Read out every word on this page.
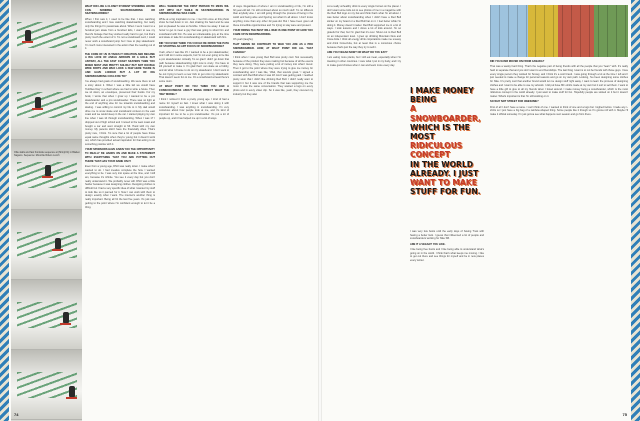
Ollie stalls and fast frontside sequence at (Shinji Kit) in Bladen Nagano. Sequence: Moonlite Riders Lunch

WHAT DID LIKE A CLOSET STUDENT STEMMING HOUSE CON. SOMMING SKATEBOARDING OR SKATEBOARDING?

When I first saw it, I used to be like that. I love watching snowboarding and I love watching skateboarding, but really only the things I'm passionate about. When I went I went to a hundred jam skate from a hundred kids, I want to see my friend's footage that they worked really hard to get, but that's pretty much the extent of it. I'm not a snowboard nerd, I could never work a snowboard jump but I love to play skateboard. I'm much more interested in the action than the reading out of it.

THE CORE OF US IS TAKES IT CREATION AND BECAME A BIG LOVE OF ANKLE ARROWS OF A HOLE. BUT ANYWAY, ALL THE FAST COAST SKATERS THEN YOU MIXED MOST AND PRETTY SOLIDLY BUT NOT DOUBLE WIDE PARTS AND WHO LOOK A FEW HERE THERE IS AND HAVE LOOKED BUT A LOT OF DIG SNOWBOARDING COULD BE TO?

I've always had goals of snowboarding. We were there to tell a story about it. When I was a little kid we would have 'Kubbles Day' in school where we had to write a future. Then we sit down, an envelopes, preserved their books. For my book, I wrote that when I grow up I wanted to be a pro skateboarder and a pro snowboarder. There was no light at the end of anything else for me towards snowboarding and skating. I was willing to commit my life to it. My dad would drive me to snow skate and snowboard contest on the east coast and we would sleep in the car. I started playing my own line when I was 14 through snowboarding. When I was 17 I dropped out of high school and I moved to the west coast and bought a car and went straight to Mt. Hood with my own money. My parents didn't have the financially vibes. That's pretty rare, I think. I'm sure that a lot of people have those equal same thoughts when they're young but it doesn't work out, which has provided actual inspiration for that acting to do something positive with it.

YOUR SPONSORS HAVE GIVEN YOU THE OPPORTUNITY TO REALLY BE HANDS ON AND MAKE A STATEMENT WITH EVERYTHING THAT YOU ARE PUTTING OUT THERE THAT HAS YOUR NAME ON IT.

Even from a young age, DNU was really down. I make what I wanted to do. I had creative complete the how. I wanted everything to be. I was very into space at the time, and I still am, because it's infinite. You see it every day but you don't really understand it. We probably never will. DNU was a little harder because it was designing clothes. Designing clothes is difficult but I had a very specific idea of what I wanted my stuff to look like so it panned for it. Now I can work with them to design exactly what I want. The internet's another thing is really important. Being all hit the last five years. It's just new getting to the point where I'm confident enough to let it be a thing.

WELL WHENEVER THE FIRST PERSON TO MESS WIL AST WITH OLY WHILE IN SKATEBOARDING IN SNOWBOARDING WAS CAME.

While at a big inspiration to me. I met him once at this photo show he had down in LA. Just shaking his hand and he was just so pleased he was so humble. It blew me away. It was an honor to get to meet a guy that was going to shoot him and snowboard with him. He was an unbelievable guy at the time and skate or take him snowboarding or skateboard with him.

DID YOU EVER THINK YOU COULD BE DOWN THE PATH OF STARTING AN ART FOCUS OF SNOWBOARDING?

Yeah, when I was like 15. I wanted to be a pro skateboarder, and I still do in some aspects, but I'm not ever going to be like a pro skateboarder. Actually I'm so glad I didn't go down that path because skateboarding right now is crazy. You have to kill yourself to make it. I'm glad that I can skate as a hobby, and do what I choose to do on my skateboard. I don't want to be out trying to learn a new trick to get onto my skateboard. That doesn't seem fun to me. On a snowboard at least there's some room.

AT WHAT POINT DO YOU THINK YOU HAD A CONSCIOUSNESS ABOUT BEING DIRECT WHAT THE 'DEZ' MODEL?

I think I noticed it from a pretty young age. I kind of had a name for myself so fast. I knew what I was doing it with snowboarding. I was anything in snowboarding. I'm very conscious about how people look at me, and it's kind of important for me to be a pro snowboarder. It's put a lot of people up, and it has helped me up in a lot of ways.

of ways. Regardless of where I am in snowboarding or life, I'm still a 32-year-old kid. I'm still confused about so much stuff. I'm no different than anybody else. I am still going through the process of being in the world and being alive and figuring out what it's all about. I don't know anything more than any other 22-year-old. But I have been given all these incredible opportunities and I'm trying to stay sane and present.

YOUR RIDING THE BEST WILL WHO IS ONE POINT OF HOW YOU CAME UP IN SNOWBOARDING.

Oh yeah (laughs).

THAT SEEMS SO CONTRARY TO WHO YOU ARE AS A PRO SNOWBOARDER. HOW, AT WHAT POINT DID ALL THAT CHANGE?

I think when I was young Red Bull was pretty cool. Not necessarily because of the product they were making but because of all the events they were doing. They were putting a lot of money into what I loved. Then it got to the point where they were trying to give me money for snowboarding and I was like, 'Wait, that sounds great.' I signed a contract with Red Bull when I was 18. And I was getting paid. I realized pretty soon that I didn't like drinking Red Bull. I didn't really want to support it but it was one of the brands that was supporting me the most. It was the same conversation. They wanted a logo on every photo and in every video clip. So it was like, yeah, they covered my industry but they also

cut a really unhealthy drink to every single human on the planet. I don't want some kids out to see photos of me in a magazine with the Red Bull logo on my hat and think that's what I'm all about. I was better about snowboarding when I didn't have a Red Bull sticker on my board or a Red Bull hat on it. I feel better while I'm doing it. Money doesn't matter. Red Bull supported me in a lot of ways. I took lessons and I drove a lot of kids around. I'm so grateful for that, but I'm glad that it's over. Shout out to Red Bull on an independent level. I grew up drinking Mountain Dew and Coca-Cola. I think all energy drink corporations make me uneasy and drink Coca-Cola, but at least that is a conscious choice because that's just the way they try to sell it.

ARE YOU VEGAN NOW? OR WHAT DO YOU EAT?

I am eating more plants, but I still eat meat, especially when I'm traveling in other countries. I care what I put in my body, and I try to make good choices when I can and learn more every day.

I MAKE MONEY BEING
A SNOWBOARDER,
WHICH IS THE MOST
RIDICULOUS CONCEPT
IN THE WORLD
ALREADY. I JUST
WANT TO MAKE
STUFF FOR FUN.

I was very few boots until the early days of having Trust with having a better look. I guess that influenced a lot of people and snowboarders working for Nike SB.

ARE IT A VEGAN? YOU LIKE.

I like being free boots and I like being able to understand what's going on in the world. I think that's what keeps me moving. I like to get out there and see things for myself and be in new places every winter.

DID YOU EVER MOVED ON FROM CANADA?

That was a wacky hard thing. That's the negative part of being friends with all the people that you "learn" with. It's really hard to separate that and you don't want to end friendships. The last thing I want is to not be friends with those guys. I love every single person they worked for Snowy, and I think it's a cool brand. I was going through a lot at the time I left and I just needed to make a change for personal reasons and go on my own path. Looking, I've been designing some clothes for Nike. It's pretty cool that another brand would let me design stuff right away. I want to learn the process of designing clothes and I want to be able to use my artwork. I did put have 80 t-shirts made at my own but it sort to sell them. I want to have a little gift to give to all my friends when I travel around. I make money being a snowboarder, which is the most ridiculous concept in the world already. I just want to make stuff for fun. Hopefully people are stoked on it but it doesn't matter. What's important is that I'm still working on it.

SO WHY NOT STREET FOR AWESOME?

First of all I don't have a name. I can't think of one. I wanted to think of one and a logo but I sighed before I made any t-shirts so I just have a big bag of a rainbow-shaped thing. Some people like it though so I'm gonna roll with it. Maybe I'll make it official someday. I'm just gonna see what happens next season and go from there.

74	75
